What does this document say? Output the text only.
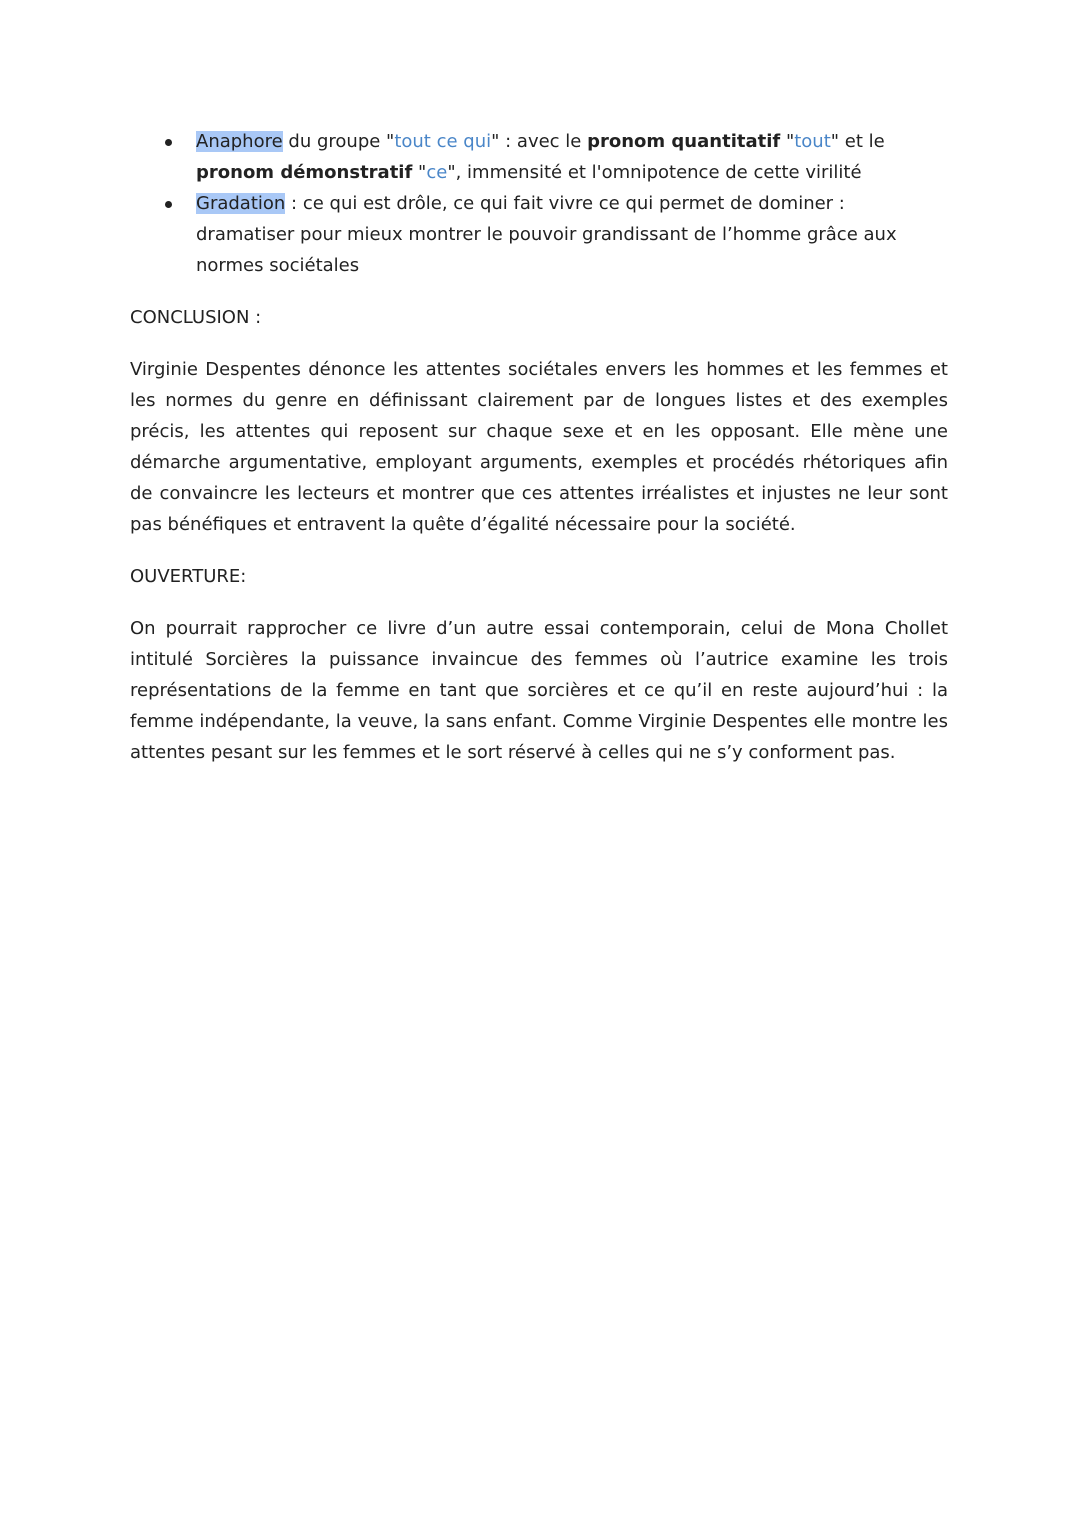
Anaphore du groupe "tout ce qui" : avec le pronom quantitatif "tout" et le
pronom démonstratif "ce", immensité et l'omnipotence de cette virilité
Gradation : ce qui est drôle, ce qui fait vivre ce qui permet de dominer :
dramatiser pour mieux montrer le pouvoir grandissant de l’homme grâce aux
normes sociétales
CONCLUSION :
Virginie Despentes dénonce les attentes sociétales envers les hommes et les femmes et les normes du genre en définissant clairement par de longues listes et des exemples précis, les attentes qui reposent sur chaque sexe et en les opposant. Elle mène une démarche argumentative, employant arguments, exemples et procédés rhétoriques afin de convaincre les lecteurs et montrer que ces attentes irréalistes et injustes ne leur sont pas bénéfiques et entravent la quête d’égalité nécessaire pour la société.
OUVERTURE:
On pourrait rapprocher ce livre d’un autre essai contemporain, celui de Mona Chollet intitulé Sorcières la puissance invaincue des femmes où l’autrice examine les trois représentations de la femme en tant que sorcières et ce qu’il en reste aujourd’hui : la femme indépendante, la veuve, la sans enfant. Comme Virginie Despentes elle montre les attentes pesant sur les femmes et le sort réservé à celles qui ne s’y conforment pas.
